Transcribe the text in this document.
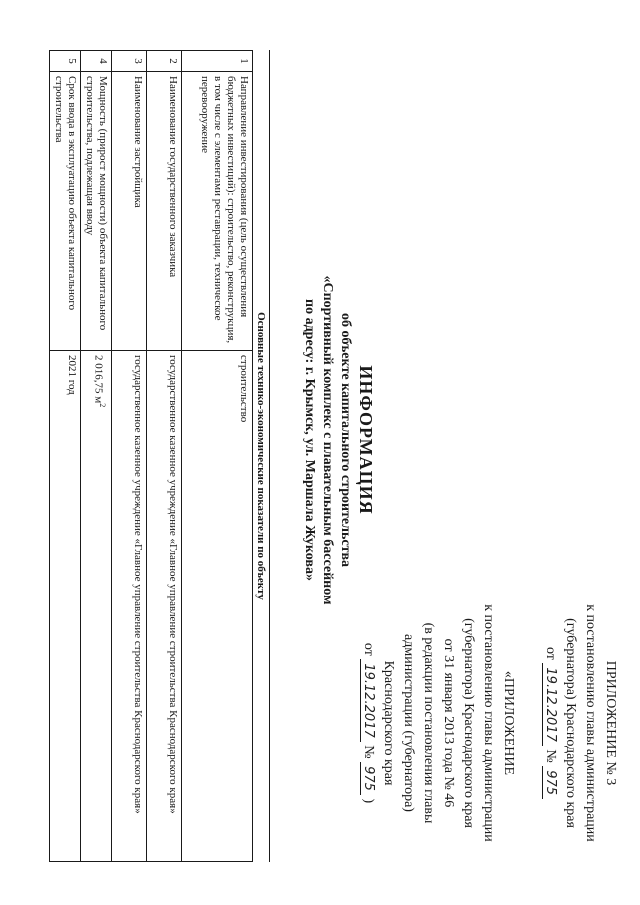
ПРИЛОЖЕНИЕ № 3
к постановлению главы администрации
(губернатора) Краснодарского края
от 19.12.2017 № 975
«ПРИЛОЖЕНИЕ
к постановлению главы администрации
(губернатора) Краснодарского края
от 31 января 2013 года № 46
(в редакции постановления главы
администрации (губернатора)
Краснодарского края
от 19.12.2017 № 975 )
ИНФОРМАЦИЯ
об объекте капитального строительства
«Спортивный комплекс с плавательным бассейном
по адресу: г. Крымск, ул. Маршала Жукова»
Основные технико-экономические показатели по объекту
1	Направление инвестирования (цель осуществления бюджетных инвестиций): строительство, реконструкция, в том числе с элементами реставрации, техническое перевооружение	строительство
2	Наименование государственного заказчика	государственное казенное учреждение «Главное управление строительства Краснодарского края»
3	Наименование застройщика	государственное казенное учреждение «Главное управление строительства Краснодарского края»
4	Мощность (прирост мощности) объекта капитального строительства, подлежащая вводу	2 016,75 $м^2$
5	Срок ввода в эксплуатацию объекта капитального строительства	2021 год
